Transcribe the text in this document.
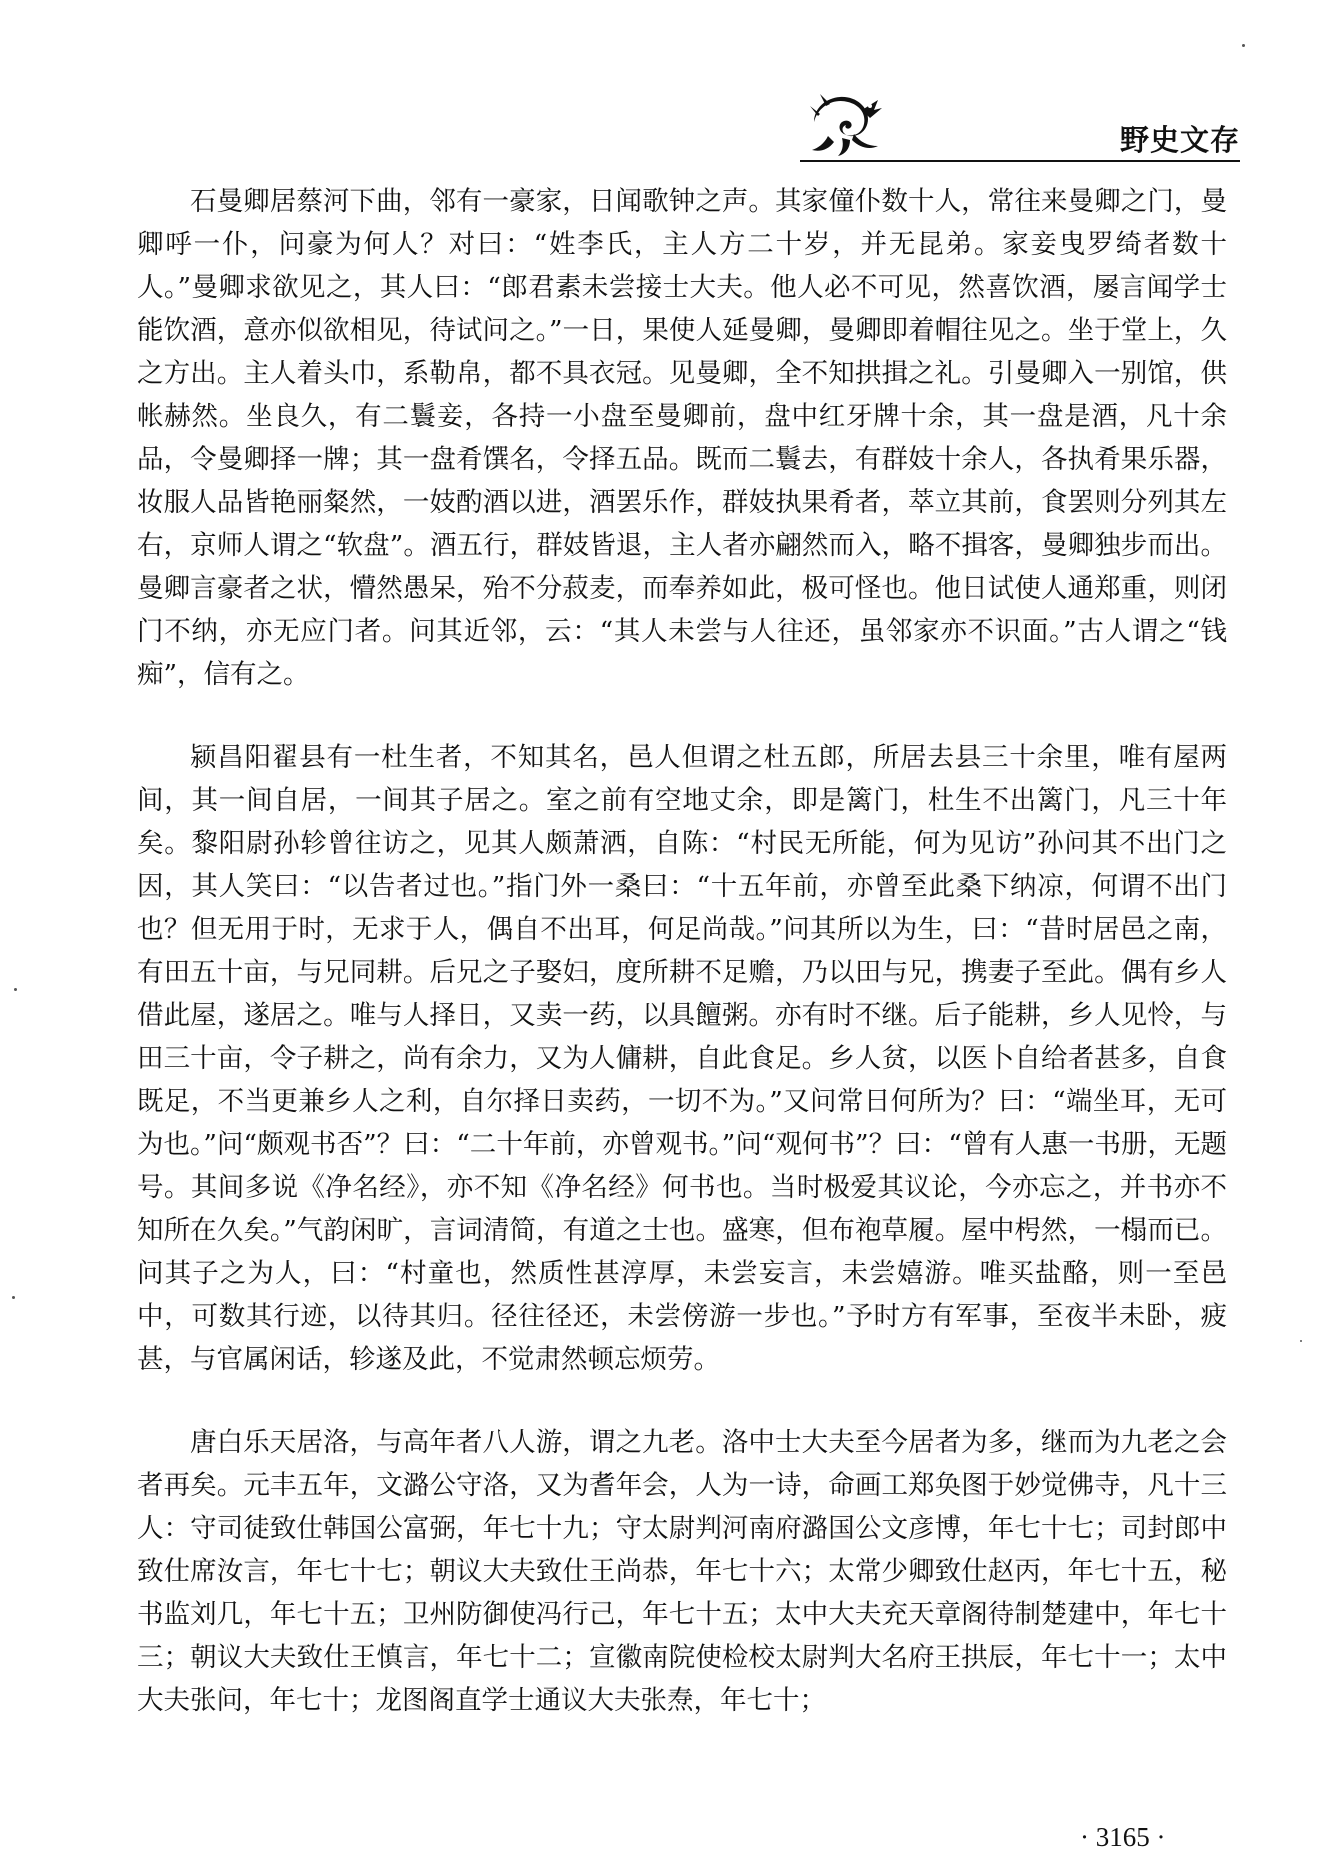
野史文存

石曼卿居蔡河下曲，邻有一豪家，日闻歌钟之声。其家僮仆数十人，常往来曼卿之门，曼卿呼一仆，问豪为何人？对曰：“姓李氏，主人方二十岁，并无昆弟。家妾曳罗绮者数十人。”曼卿求欲见之，其人曰：“郎君素未尝接士大夫。他人必不可见，然喜饮酒，屡言闻学士能饮酒，意亦似欲相见，待试问之。”一日，果使人延曼卿，曼卿即着帽往见之。坐于堂上，久之方出。主人着头巾，系勒帛，都不具衣冠。见曼卿，全不知拱揖之礼。引曼卿入一别馆，供帐赫然。坐良久，有二鬟妾，各持一小盘至曼卿前，盘中红牙牌十余，其一盘是酒，凡十余品，令曼卿择一牌；其一盘肴馔名，令择五品。既而二鬟去，有群妓十余人，各执肴果乐器，妆服人品皆艳丽粲然，一妓酌酒以进，酒罢乐作，群妓执果肴者，萃立其前，食罢则分列其左右，京师人谓之“软盘”。酒五行，群妓皆退，主人者亦翩然而入，略不揖客，曼卿独步而出。曼卿言豪者之状，懵然愚呆，殆不分菽麦，而奉养如此，极可怪也。他日试使人通郑重，则闭门不纳，亦无应门者。问其近邻，云：“其人未尝与人往还，虽邻家亦不识面。”古人谓之“钱痴”，信有之。

颍昌阳翟县有一杜生者，不知其名，邑人但谓之杜五郎，所居去县三十余里，唯有屋两间，其一间自居，一间其子居之。室之前有空地丈余，即是篱门，杜生不出篱门，凡三十年矣。黎阳尉孙轸曾往访之，见其人颇萧洒，自陈：“村民无所能，何为见访”孙问其不出门之因，其人笑曰：“以告者过也。”指门外一桑曰：“十五年前，亦曾至此桑下纳凉，何谓不出门也？但无用于时，无求于人，偶自不出耳，何足尚哉。”问其所以为生，曰：“昔时居邑之南，有田五十亩，与兄同耕。后兄之子娶妇，度所耕不足赡，乃以田与兄，携妻子至此。偶有乡人借此屋，遂居之。唯与人择日，又卖一药，以具饘粥。亦有时不继。后子能耕，乡人见怜，与田三十亩，令子耕之，尚有余力，又为人傭耕，自此食足。乡人贫，以医卜自给者甚多，自食既足，不当更兼乡人之利，自尔择日卖药，一切不为。”又问常日何所为？曰：“端坐耳，无可为也。”问“颇观书否”？曰：“二十年前，亦曾观书。”问“观何书”？曰：“曾有人惠一书册，无题号。其间多说《净名经》，亦不知《净名经》何书也。当时极爱其议论，今亦忘之，并书亦不知所在久矣。”气韵闲旷，言词清简，有道之士也。盛寒，但布袍草履。屋中枵然，一榻而已。问其子之为人，曰：“村童也，然质性甚淳厚，未尝妄言，未尝嬉游。唯买盐酪，则一至邑中，可数其行迹，以待其归。径往径还，未尝傍游一步也。”予时方有军事，至夜半未卧，疲甚，与官属闲话，轸遂及此，不觉肃然顿忘烦劳。

唐白乐天居洛，与高年者八人游，谓之九老。洛中士大夫至今居者为多，继而为九老之会者再矣。元丰五年，文潞公守洛，又为耆年会，人为一诗，命画工郑奂图于妙觉佛寺，凡十三人：守司徒致仕韩国公富弼，年七十九；守太尉判河南府潞国公文彦博，年七十七；司封郎中致仕席汝言，年七十七；朝议大夫致仕王尚恭，年七十六；太常少卿致仕赵丙，年七十五，秘书监刘几，年七十五；卫州防御使冯行己，年七十五；太中大夫充天章阁待制楚建中，年七十三；朝议大夫致仕王慎言，年七十二；宣徽南院使检校太尉判大名府王拱辰，年七十一；太中大夫张问，年七十；龙图阁直学士通议大夫张焘，年七十；

· 3165 ·
